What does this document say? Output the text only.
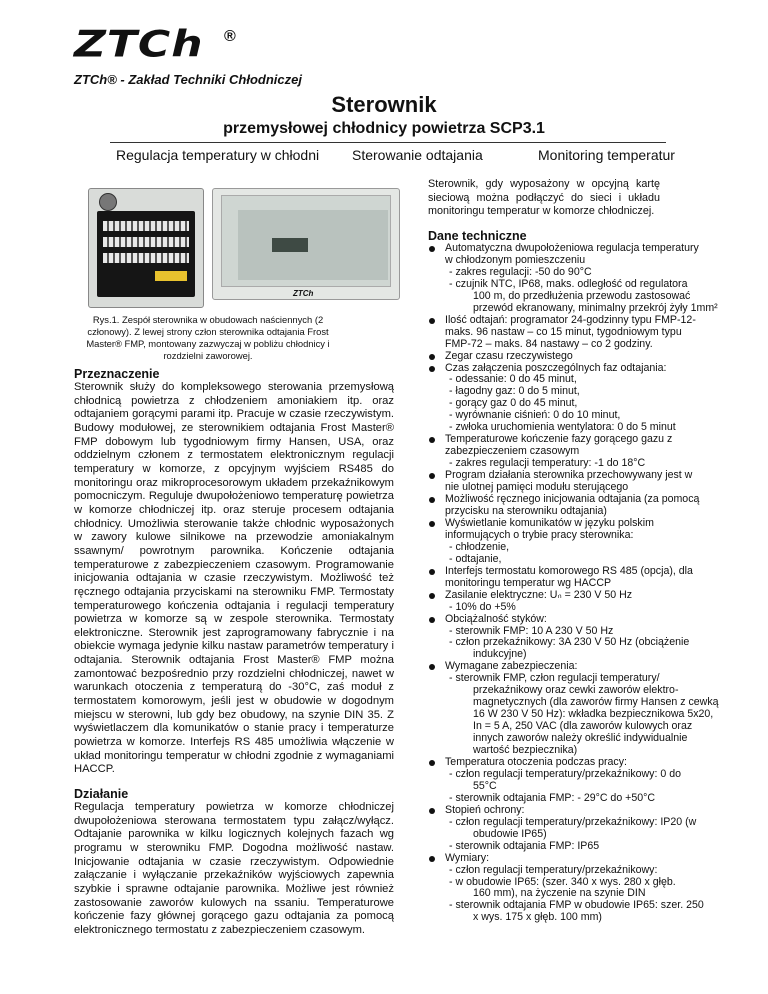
ZTCh	®
ZTCh® - Zakład Techniki Chłodniczej
Sterownik
przemysłowej chłodnicy powietrza SCP3.1
Regulacja temperatury w chłodni Sterowanie odtajania	Monitoring temperatur
Sterownik, gdy wyposażony w opcyjną kartę sieciową można podłączyć do sieci i układu monitoringu temperatur w komorze chłodniczej.
ZTCh
Rys.1. Zespół sterownika w obudowach naściennych (2 członowy). Z lewej strony człon sterownika odtajania Frost Master® FMP, montowany zazwyczaj w pobliżu chłodnicy i rozdzielni zaworowej.
Przeznaczenie
Sterownik służy do kompleksowego sterowania przemysłową chłodnicą powietrza z chłodzeniem amoniakiem itp. oraz odtajaniem gorącymi parami itp. Pracuje w czasie rzeczywistym. Budowy modułowej, ze sterownikiem odtajania Frost Master® FMP dobowym lub tygodniowym firmy Hansen, USA, oraz oddzielnym członem z termostatem elektronicznym regulacji temperatury w komorze, z opcyjnym wyjściem RS485 do monitoringu oraz mikroprocesorowym układem przekaźnikowym pomocniczym. Reguluje dwupołożeniowo temperaturę powietrza w komorze chłodniczej itp. oraz steruje procesem odtajania chłodnicy. Umożliwia sterowanie także chłodnic wyposażonych w zawory kulowe silnikowe na przewodzie amoniakalnym ssawnym/ powrotnym parownika. Kończenie odtajania temperaturowe z zabezpieczeniem czasowym. Programowanie inicjowania odtajania w czasie rzeczywistym. Możliwość też ręcznego odtajania przyciskami na sterowniku FMP. Termostaty temperaturowego kończenia odtajania i regulacji temperatury powietrza w komorze są w zespole sterownika. Termostaty elektroniczne. Sterownik jest zaprogramowany fabrycznie i na obiekcie wymaga jedynie kilku nastaw parametrów temperatury i odtajania. Sterownik odtajania Frost Master® FMP można zamontować bezpośrednio przy rozdzielni chłodniczej, nawet w warunkach otoczenia z temperaturą do -30°C, zaś moduł z termostatem komorowym, jeśli jest w obudowie w dogodnym miejscu w sterowni, lub gdy bez obudowy, na szynie DIN 35. Z wyświetlaczem dla komunikatów o stanie pracy i temperaturze powietrza w komorze. Interfejs RS 485 umożliwia włączenie w układ monitoringu temperatur w chłodni zgodnie z wymaganiami HACCP.
Działanie
Regulacja temperatury powietrza w komorze chłodniczej dwupołożeniowa sterowana termostatem typu załącz/wyłącz. Odtajanie parownika w kilku logicznych kolejnych fazach wg programu w sterowniku FMP. Dogodna możliwość nastaw. Inicjowanie odtajania w czasie rzeczywistym. Odpowiednie załączanie i wyłączanie przekaźników wyjściowych zapewnia szybkie i sprawne odtajanie parownika. Możliwe jest również zastosowanie zaworów kulowych na ssaniu. Temperaturowe kończenie fazy głównej gorącego gazu odtajania za pomocą elektronicznego termostatu z zabezpieczeniem czasowym.
Dane techniczne
Automatyczna dwupołożeniowa regulacja temperatury
w chłodzonym pomieszczeniu
- zakres regulacji: -50 do 90°C
- czujnik NTC, IP68, maks. odległość od regulatora
100 m, do przedłużenia przewodu zastosować
przewód ekranowany, minimalny przekrój żyły 1mm²
Ilość odtajań: programator 24-godzinny typu FMP-12-
maks. 96 nastaw – co 15 minut, tygodniowym typu
FMP-72 – maks. 84 nastawy – co 2 godziny.
Zegar czasu rzeczywistego
Czas załączenia poszczególnych faz odtajania:
- odessanie: 0 do 45 minut,
- łagodny gaz: 0 do 5 minut,
- gorący gaz 0 do 45 minut,
- wyrównanie ciśnień: 0 do 10 minut,
- zwłoka uruchomienia wentylatora: 0 do 5 minut
Temperaturowe kończenie fazy gorącego gazu z
zabezpieczeniem czasowym
- zakres regulacji temperatury: -1 do 18°C
Program działania sterownika przechowywany jest w
nie ulotnej pamięci modułu sterującego
Możliwość ręcznego inicjowania odtajania (za pomocą
przycisku na sterowniku odtajania)
Wyświetlanie komunikatów w języku polskim
informujących o trybie pracy sterownika:
- chłodzenie,
- odtajanie,
Interfejs termostatu komorowego RS 485 (opcja), dla
monitoringu temperatur wg HACCP
Zasilanie elektryczne: Uₙ = 230 V 50 Hz
- 10% do +5%
Obciążalność styków:
- sterownik FMP: 10 A 230 V 50 Hz
- człon przekaźnikowy: 3A 230 V 50 Hz (obciążenie
indukcyjne)
Wymagane zabezpieczenia:
- sterownik FMP, człon regulacji temperatury/
przekaźnikowy oraz cewki zaworów elektro-
magnetycznych (dla zaworów firmy Hansen z cewką
16 W 230 V 50 Hz): wkładka bezpiecznikowa 5x20,
In = 5 A, 250 VAC (dla zaworów kulowych oraz
innych zaworów należy określić indywidualnie
wartość bezpiecznika)
Temperatura otoczenia podczas pracy:
- człon regulacji temperatury/przekaźnikowy: 0 do
55°C
- sterownik odtajania FMP: - 29°C do +50°C
Stopień ochrony:
- człon regulacji temperatury/przekaźnikowy: IP20 (w
obudowie IP65)
- sterownik odtajania FMP: IP65
Wymiary:
- człon regulacji temperatury/przekaźnikowy:
- w obudowie IP65: (szer. 340 x wys. 280 x głęb.
160 mm), na życzenie na szynie DIN
- sterownik odtajania FMP w obudowie IP65: szer. 250
x wys. 175 x głęb. 100 mm)
